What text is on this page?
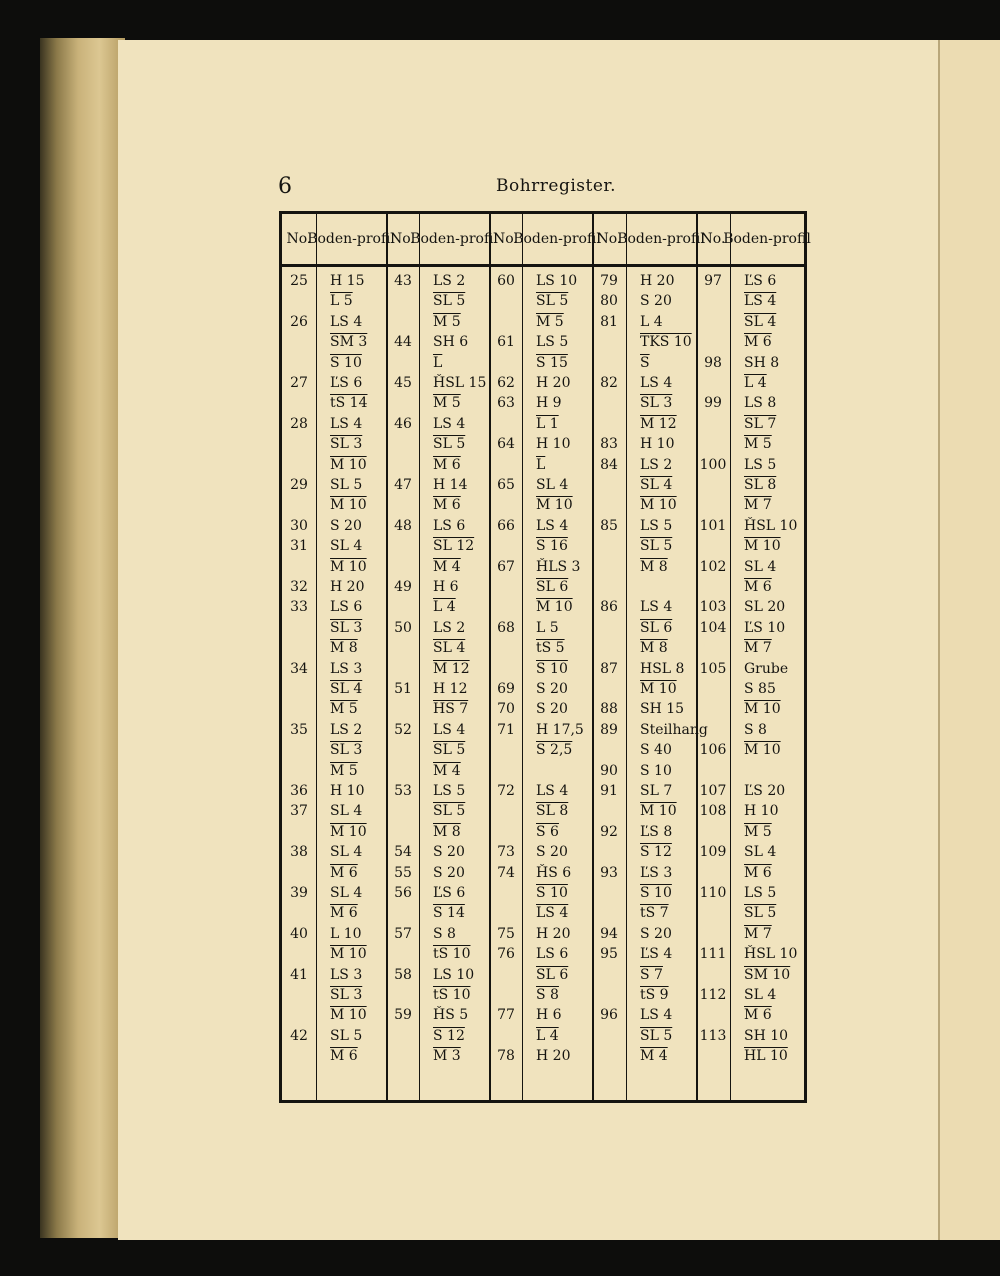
6	Bohrregister.
No.
Boden- profil
No.
Boden- profil
No.
Boden- profil
No.
Boden- profil
No.
Boden- profil
25
26
27
28
29
30
31
32
33
34
35
36
37
38
39
40
41
42
H 15
L 5
LS 4
SM 3
S 10
ĽS 6
tS 14
LS 4
SL 3
M 10
SL 5
M 10
S 20
SL 4
M 10
H 20
LS 6
SL 3
M 8
LS 3
SL 4
M 5
LS 2
SL 3
M 5
H 10
SL 4
M 10
SL 4
M 6
SL 4
M 6
L 10
M 10
LS 3
SL 3
M 10
SL 5
M 6
43
44
45
46
47
48
49
50
51
52
53
54
55
56
57
58
59
LS 2
SL 5
M 5
SH 6
$\overline{L}$
ȞSL 15
M 5
LS 4
SL 5
M 6
H 14
M 6
LS 6
SL 12
M 4
H 6
L 4
LS 2
SL 4
M 12
H 12
HS 7
LS 4
SL 5
M 4
LS 5
SL 5
M 8
S 20
S 20
ĽS 6
S 14
S 8
tS 10
LS 10
tS 10
ȞS 5
S 12
M 3
60
61
62
63
64
65
66
67
68
69
70
71
72
73
74
75
76
77
78
LS 10
SL 5
M 5
LS 5
S 15
H 20
H 9
L 1
H 10
$\overline{L}$
SL 4
M 10
LS 4
S 16
ȞLS 3
SL 6
M 10
L 5
tS 5
S 10
S 20
S 20
H 17,5
S 2,5
LS 4
SL 8
S 6
S 20
ȞS 6
S 10
LS 4
H 20
LS 6
SL 6
S 8
H 6
L 4
H 20
79
80
81
82
83
84
85
86
87
88
89
90
91
92
93
94
95
96
H 20
S 20
L 4
TKS 10
$\overline{S}$
LS 4
SL 3
M 12
H 10
LS 2
SL 4
M 10
LS 5
SL 5
M 8
LS 4
SL 6
M 8
HSL 8
M 10
SH 15
Steilhang
S 40
S 10
SL 7
M 10
ĽS 8
S 12
ĽS 3
S 10
tS 7
S 20
ĽS 4
S 7
tS 9
LS 4
SL 5
M 4
97
98
99
100
101
102
103
104
105
106
107
108
109
110
111
112
113
ĽS 6
LS 4
SL 4
M 6
SH 8
L 4
LS 8
SL 7
M 5
LS 5
SL 8
M 7
ȞSL 10
M 10
SL 4
M 6
SL 20
ĽS 10
M 7
Grube
S 85
M 10
S 8
M 10
ĽS 20
H 10
M 5
SL 4
M 6
LS 5
SL 5
M 7
ȞSL 10
SM 10
SL 4
M 6
SH 10
HL 10
